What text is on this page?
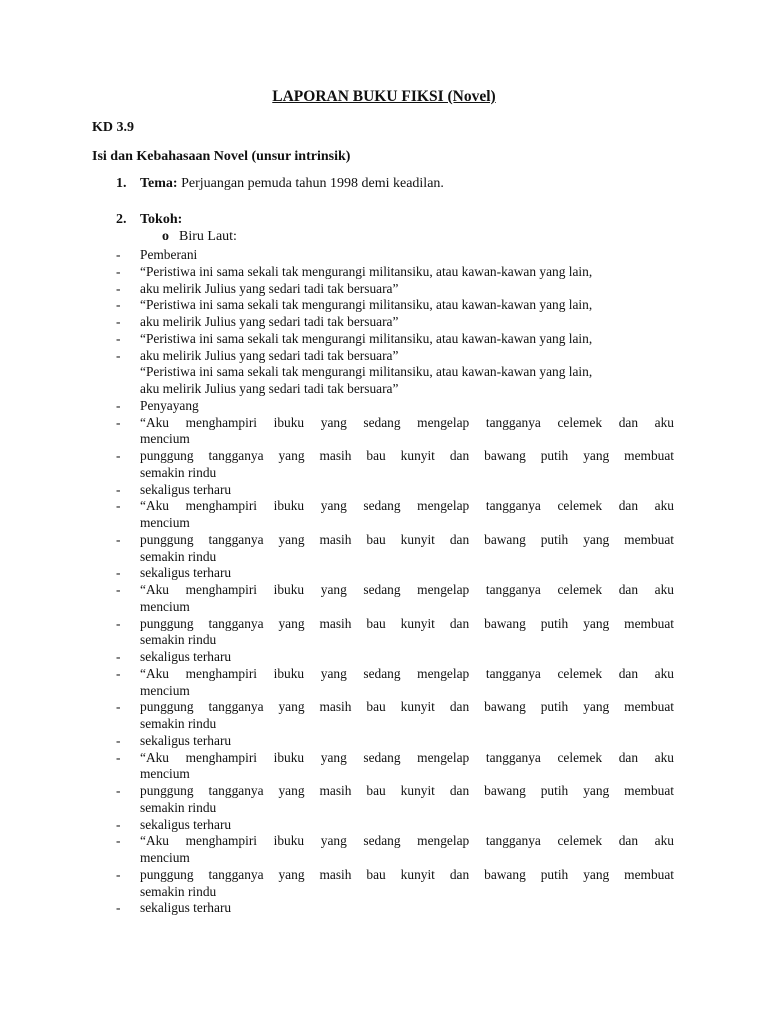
LAPORAN BUKU FIKSI (Novel)
KD 3.9
Isi dan Kebahasaan Novel (unsur intrinsik)
1. Tema: Perjuangan pemuda tahun 1998 demi keadilan.
2. Tokoh:
o Biru Laut:
- Pemberani
- “Peristiwa ini sama sekali tak mengurangi militansiku, atau kawan-kawan yang lain,
- aku melirik Julius yang sedari tadi tak bersuara”
- “Peristiwa ini sama sekali tak mengurangi militansiku, atau kawan-kawan yang lain,
- aku melirik Julius yang sedari tadi tak bersuara”
- “Peristiwa ini sama sekali tak mengurangi militansiku, atau kawan-kawan yang lain,
- aku melirik Julius yang sedari tadi tak bersuara”
“Peristiwa ini sama sekali tak mengurangi militansiku, atau kawan-kawan yang lain,
aku melirik Julius yang sedari tadi tak bersuara”
- Penyayang
- “Aku menghampiri ibuku yang sedang mengelap tangganya celemek dan aku
mencium
- punggung tangganya yang masih bau kunyit dan bawang putih yang membuat
semakin rindu
- sekaligus terharu
- “Aku menghampiri ibuku yang sedang mengelap tangganya celemek dan aku
mencium
- punggung tangganya yang masih bau kunyit dan bawang putih yang membuat
semakin rindu
- sekaligus terharu
- “Aku menghampiri ibuku yang sedang mengelap tangganya celemek dan aku
mencium
- punggung tangganya yang masih bau kunyit dan bawang putih yang membuat
semakin rindu
- sekaligus terharu
- “Aku menghampiri ibuku yang sedang mengelap tangganya celemek dan aku
mencium
- punggung tangganya yang masih bau kunyit dan bawang putih yang membuat
semakin rindu
- sekaligus terharu
- “Aku menghampiri ibuku yang sedang mengelap tangganya celemek dan aku
mencium
- punggung tangganya yang masih bau kunyit dan bawang putih yang membuat
semakin rindu
- sekaligus terharu
- “Aku menghampiri ibuku yang sedang mengelap tangganya celemek dan aku
mencium
- punggung tangganya yang masih bau kunyit dan bawang putih yang membuat
semakin rindu
- sekaligus terharu
